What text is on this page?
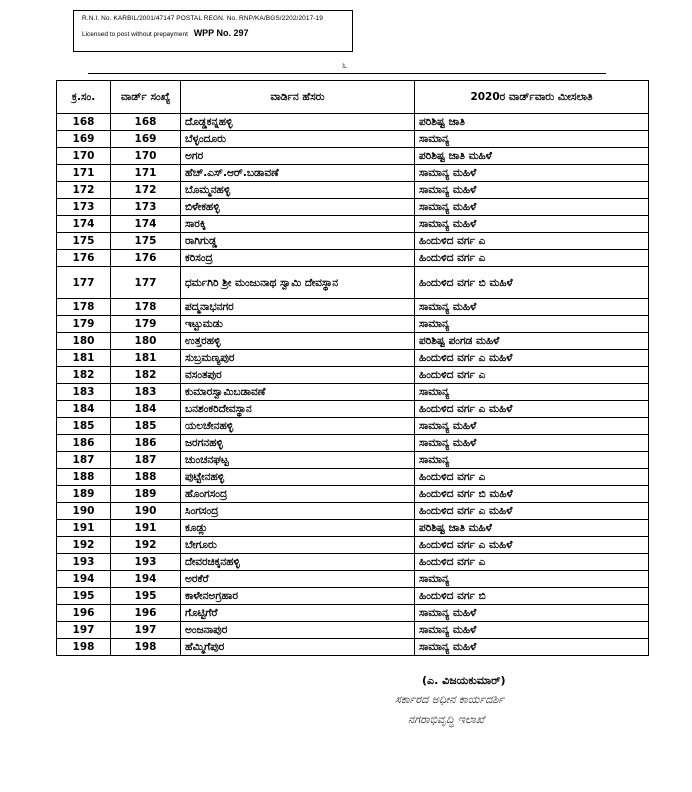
R.N.I. No. KARBIL/2001/47147 POSTAL REGN. No. RNP/KA/BGS/2202/2017-19
Licensed to post without prepayment WPP No. 297
೬
ಕ್ರ.ಸಂ.	ವಾರ್ಡ್ ಸಂಖ್ಯೆ	ವಾರ್ಡಿನ ಹೆಸರು	2020ರ ವಾರ್ಡ್‌ವಾರು ಮೀಸಲಾತಿ
168	168	ದೊಡ್ಡಕನ್ನಹಳ್ಳಿ	ಪರಿಶಿಷ್ಟ ಜಾತಿ
169	169	ಬೆಳ್ಳಂದೂರು	ಸಾಮಾನ್ಯ
170	170	ಅಗರ	ಪರಿಶಿಷ್ಟ ಜಾತಿ ಮಹಿಳೆ
171	171	ಹೆಚ್.ಎಸ್.ಆರ್.ಬಡಾವಣೆ	ಸಾಮಾನ್ಯ ಮಹಿಳೆ
172	172	ಬೊಮ್ಮನಹಳ್ಳಿ	ಸಾಮಾನ್ಯ ಮಹಿಳೆ
173	173	ಬಿಳೇಕಹಳ್ಳಿ	ಸಾಮಾನ್ಯ ಮಹಿಳೆ
174	174	ಸಾರಕ್ಕಿ	ಸಾಮಾನ್ಯ ಮಹಿಳೆ
175	175	ರಾಗಿಗುಡ್ಡ	ಹಿಂದುಳಿದ ವರ್ಗ ಎ
176	176	ಕರಿಸಂದ್ರ	ಹಿಂದುಳಿದ ವರ್ಗ ಎ
177	177	ಧರ್ಮಗಿರಿ ಶ್ರೀ ಮಂಜುನಾಥ ಸ್ವಾಮಿ ದೇವಸ್ಥಾನ	ಹಿಂದುಳಿದ ವರ್ಗ ಬಿ ಮಹಿಳೆ
178	178	ಪದ್ಮನಾಭನಗರ	ಸಾಮಾನ್ಯ ಮಹಿಳೆ
179	179	ಇಟ್ಟುಮಡು	ಸಾಮಾನ್ಯ
180	180	ಉತ್ತರಹಳ್ಳಿ	ಪರಿಶಿಷ್ಟ ಪಂಗಡ ಮಹಿಳೆ
181	181	ಸುಬ್ರಮಣ್ಯಪುರ	ಹಿಂದುಳಿದ ವರ್ಗ ಎ ಮಹಿಳೆ
182	182	ವಸಂತಪುರ	ಹಿಂದುಳಿದ ವರ್ಗ ಎ
183	183	ಕುಮಾರಸ್ವಾಮಿಬಡಾವಣೆ	ಸಾಮಾನ್ಯ
184	184	ಬನಶಂಕರಿದೇವಸ್ಥಾನ	ಹಿಂದುಳಿದ ವರ್ಗ ಎ ಮಹಿಳೆ
185	185	ಯಲಚೇನಹಳ್ಳಿ	ಸಾಮಾನ್ಯ ಮಹಿಳೆ
186	186	ಜರಗನಹಳ್ಳಿ	ಸಾಮಾನ್ಯ ಮಹಿಳೆ
187	187	ಚುಂಚನಘಟ್ಟ	ಸಾಮಾನ್ಯ
188	188	ಪುಟ್ಟೇನಹಳ್ಳಿ	ಹಿಂದುಳಿದ ವರ್ಗ ಎ
189	189	ಹೊಂಗಸಂದ್ರ	ಹಿಂದುಳಿದ ವರ್ಗ ಬಿ ಮಹಿಳೆ
190	190	ಸಿಂಗಸಂದ್ರ	ಹಿಂದುಳಿದ ವರ್ಗ ಎ ಮಹಿಳೆ
191	191	ಕೂಡ್ಲು	ಪರಿಶಿಷ್ಟ ಜಾತಿ ಮಹಿಳೆ
192	192	ಬೇಗೂರು	ಹಿಂದುಳಿದ ವರ್ಗ ಎ ಮಹಿಳೆ
193	193	ದೇವರಚಿಕ್ಕನಹಳ್ಳಿ	ಹಿಂದುಳಿದ ವರ್ಗ ಎ
194	194	ಅರಕೆರೆ	ಸಾಮಾನ್ಯ
195	195	ಕಾಳೇನಅಗ್ರಹಾರ	ಹಿಂದುಳಿದ ವರ್ಗ ಬಿ
196	196	ಗೊಟ್ಟಿಗೆರೆ	ಸಾಮಾನ್ಯ ಮಹಿಳೆ
197	197	ಅಂಜನಾಪುರ	ಸಾಮಾನ್ಯ ಮಹಿಳೆ
198	198	ಹೆಮ್ಮಿಗೆಪುರ	ಸಾಮಾನ್ಯ ಮಹಿಳೆ
(ಎ. ವಿಜಯಕುಮಾರ್)
ಸರ್ಕಾರದ ಅಧೀನ ಕಾರ್ಯದರ್ಶಿ
ನಗರಾಭಿವೃದ್ಧಿ ಇಲಾಖೆ
